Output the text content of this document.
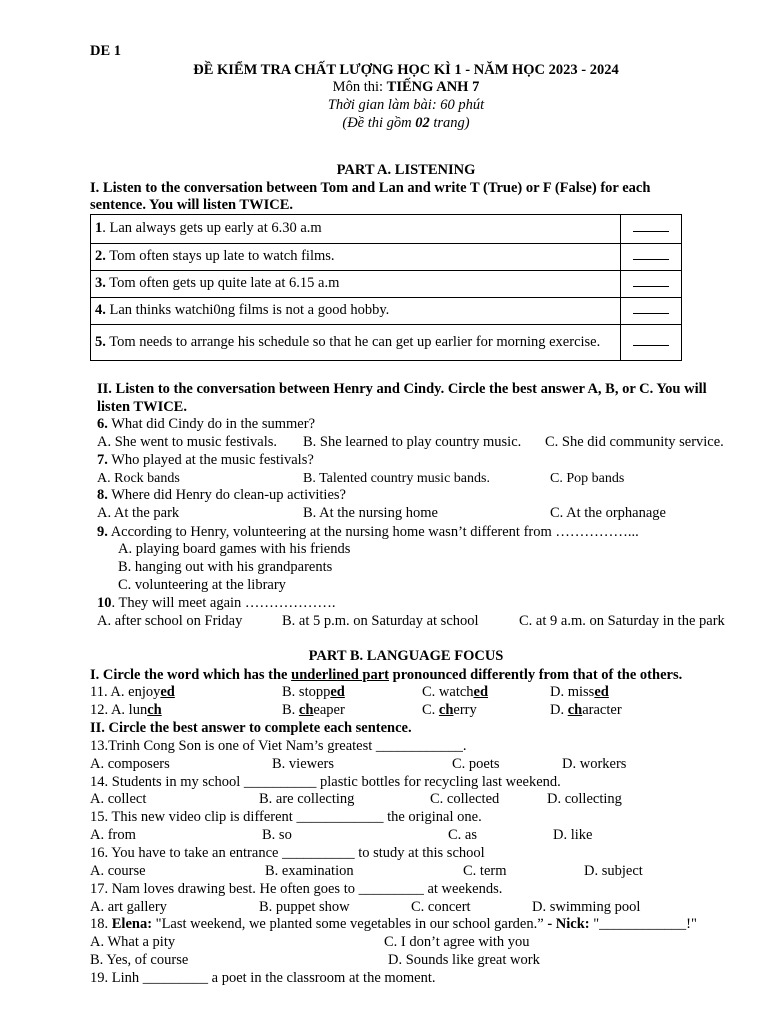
DE 1
ĐỀ KIỂM TRA CHẤT LƯỢNG HỌC KÌ 1 - NĂM HỌC 2023 - 2024
Môn thi: TIẾNG ANH 7
Thời gian làm bài: 60 phút
(Đề thi gồm 02 trang)
PART A. LISTENING
I. Listen to the conversation between Tom and Lan and write T (True) or F (False) for each
sentence. You will listen TWICE.
1. Lan always gets up early at 6.30 a.m	
2. Tom often stays up late to watch films.	
3. Tom often gets up quite late at 6.15 a.m	
4. Lan thinks watchi0ng films is not a good hobby.	
5. Tom needs to arrange his schedule so that he can get up earlier for morning exercise.	
II. Listen to the conversation between Henry and Cindy. Circle the best answer A, B, or C. You will
listen TWICE.
6. What did Cindy do in the summer?
A. She went to music festivals. B. She learned to play country music. C. She did community service.
7. Who played at the music festivals?
A. Rock bands	B. Talented country music bands.	C. Pop bands
8. Where did Henry do clean-up activities?
A. At the park	B. At the nursing home	C. At the orphanage
9. According to Henry, volunteering at the nursing home wasn’t different from ……………...
A. playing board games with his friends
B. hanging out with his grandparents
C. volunteering at the library
10. They will meet again ……………….
A. after school on Friday	B. at 5 p.m. on Saturday at school	C. at 9 a.m. on Saturday in the park
PART B. LANGUAGE FOCUS
I. Circle the word which has the underlined part pronounced differently from that of the others.
11. A. enjoyed	B. stopped	C. watched	D. missed
12. A. lunch	B. cheaper	C. cherry	D. character
II. Circle the best answer to complete each sentence.
13.Trinh Cong Son is one of Viet Nam’s greatest ____________.
A. composers	B. viewers	C. poets	D. workers
14. Students in my school __________ plastic bottles for recycling last weekend.
A. collect	B. are collecting	C. collected	D. collecting
15. This new video clip is different ____________ the original one.
A. from	B. so	C. as	D. like
16. You have to take an entrance __________ to study at this school
A. course	B. examination	C. term	D. subject
17. Nam loves drawing best. He often goes to _________ at weekends.
A. art gallery	B. puppet show	C. concert	D. swimming pool
18. Elena: "Last weekend, we planted some vegetables in our school garden.” - Nick: "____________!"
A. What a pity	C. I don’t agree with you
B. Yes, of course	D. Sounds like great work
19. Linh _________ a poet in the classroom at the moment.
